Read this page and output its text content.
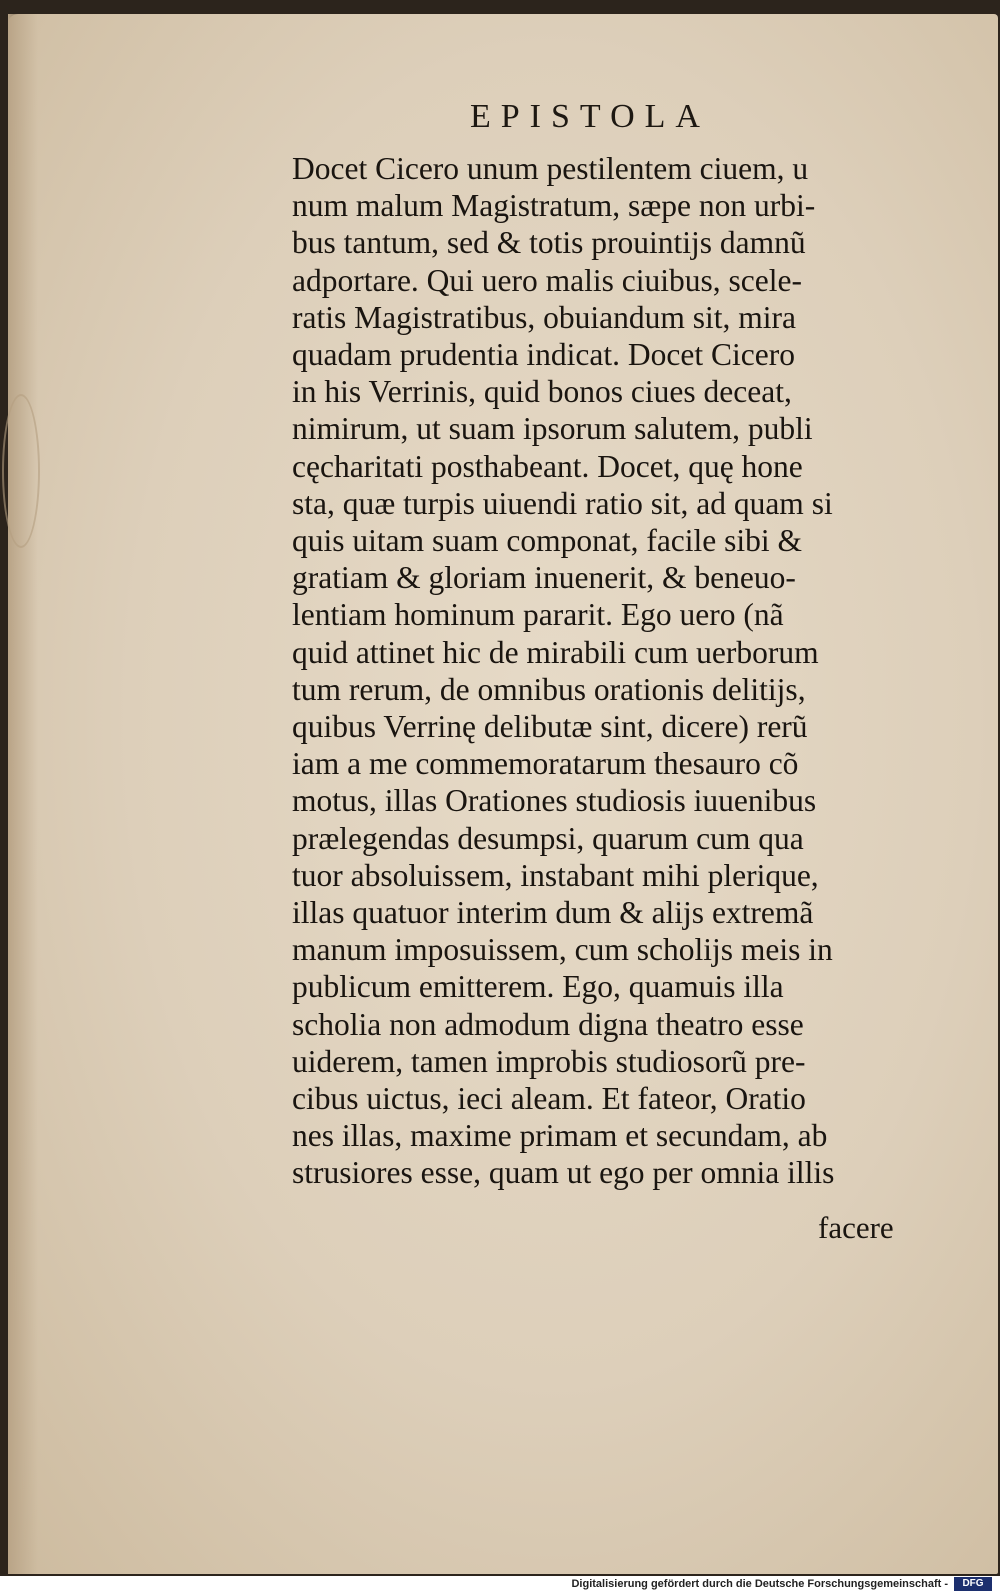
EPISTOLA
Docet Cicero unum pestilentem ciuem, u
num malum Magistratum, sæpe non urbi-
bus tantum, sed & totis prouintijs damnũ
adportare. Qui uero malis ciuibus, scele-
ratis Magistratibus, obuiandum sit, mira
quadam prudentia indicat. Docet Cicero
in his Verrinis, quid bonos ciues deceat,
nimirum, ut suam ipsorum salutem, publi
cęcharitati posthabeant. Docet, quę hone
sta, quæ turpis uiuendi ratio sit, ad quam si
quis uitam suam componat, facile sibi &
gratiam & gloriam inuenerit, & beneuo-
lentiam hominum pararit. Ego uero (nã
quid attinet hic de mirabili cum uerborum
tum rerum, de omnibus orationis delitijs,
quibus Verrinę delibutæ sint, dicere) rerũ
iam a me commemoratarum thesauro cõ
motus, illas Orationes studiosis iuuenibus
prælegendas desumpsi, quarum cum qua
tuor absoluissem, instabant mihi plerique,
illas quatuor interim dum & alijs extremã
manum imposuissem, cum scholijs meis in
publicum emitterem. Ego, quamuis illa
scholia non admodum digna theatro esse
uiderem, tamen improbis studiosorũ pre-
cibus uictus, ieci aleam. Et fateor, Oratio
nes illas, maxime primam et secundam, ab
strusiores esse, quam ut ego per omnia illis
facere
Digitalisierung gefördert durch die Deutsche Forschungsgemeinschaft -	DFG
